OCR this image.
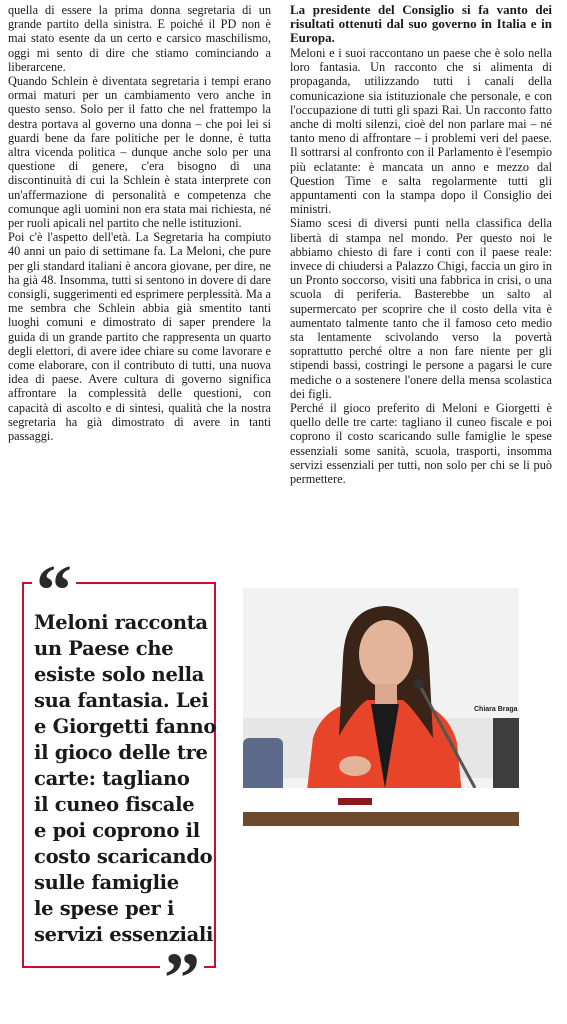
quella di essere la prima donna segretaria di un grande partito della sinistra. E poiché il PD non è mai stato esente da un certo e carsico maschilismo, oggi mi sento di dire che stiamo cominciando a liberarcene.

Quando Schlein è diventata segretaria i tempi erano ormai maturi per un cambiamento vero anche in questo senso. Solo per il fatto che nel frattempo la destra portava al governo una donna – che poi lei si guardi bene da fare politiche per le donne, è tutta altra vicenda politica – dunque anche solo per una questione di genere, c'era bisogno di una discontinuità di cui la Schlein è stata interprete con un'affermazione di personalità e competenza che comunque agli uomini non era stata mai richiesta, né per ruoli apicali nel partito che nelle istituzioni.

Poi c'è l'aspetto dell'età. La Segretaria ha compiuto 40 anni un paio di settimane fa. La Meloni, che pure per gli standard italiani è ancora giovane, per dire, ne ha già 48. Insomma, tutti si sentono in dovere di dare consigli, suggerimenti ed esprimere perplessità. Ma a me sembra che Schlein abbia già smentito tanti luoghi comuni e dimostrato di saper prendere la guida di un grande partito che rappresenta un quarto degli elettori, di avere idee chiare su come lavorare e come elaborare, con il contributo di tutti, una nuova idea di paese. Avere cultura di governo significa affrontare la complessità delle questioni, con capacità di ascolto e di sintesi, qualità che la nostra segretaria ha già dimostrato di avere in tanti passaggi.

La presidente del Consiglio si fa vanto dei risultati ottenuti dal suo governo in Italia e in Europa.

Meloni e i suoi raccontano un paese che è solo nella loro fantasia. Un racconto che si alimenta di propaganda, utilizzando tutti i canali della comunicazione sia istituzionale che personale, e con l'occupazione di tutti gli spazi Rai. Un racconto fatto anche di molti silenzi, cioè del non parlare mai – né tanto meno di affrontare – i problemi veri del paese. Il sottrarsi al confronto con il Parlamento è l'esempio più eclatante: è mancata un anno e mezzo dal Question Time e salta regolarmente tutti gli appuntamenti con la stampa dopo il Consiglio dei ministri.

Siamo scesi di diversi punti nella classifica della libertà di stampa nel mondo. Per questo noi le abbiamo chiesto di fare i conti con il paese reale: invece di chiudersi a Palazzo Chigi, faccia un giro in un Pronto soccorso, visiti una fabbrica in crisi, o una scuola di periferia. Basterebbe un salto al supermercato per scoprire che il costo della vita è aumentato talmente tanto che il famoso ceto medio sta lentamente scivolando verso la povertà soprattutto perché oltre a non fare niente per gli stipendi bassi, costringi le persone a pagarsi le cure mediche o a sostenere l'onere della mensa scolastica dei figli.

Perché il gioco preferito di Meloni e Giorgetti è quello delle tre carte: tagliano il cuneo fiscale e poi coprono il costo scaricando sulle famiglie le spese essenziali some sanità, scuola, trasporti, insomma servizi essenziali per tutti, non solo per chi se li può permettere.

“
Meloni racconta
un Paese che
esiste solo nella
sua fantasia. Lei
e Giorgetti fanno
il gioco delle tre
carte: tagliano
il cuneo fiscale
e poi coprono il
costo scaricando
sulle famiglie
le spese per i
servizi essenziali
”
Chiara Braga
